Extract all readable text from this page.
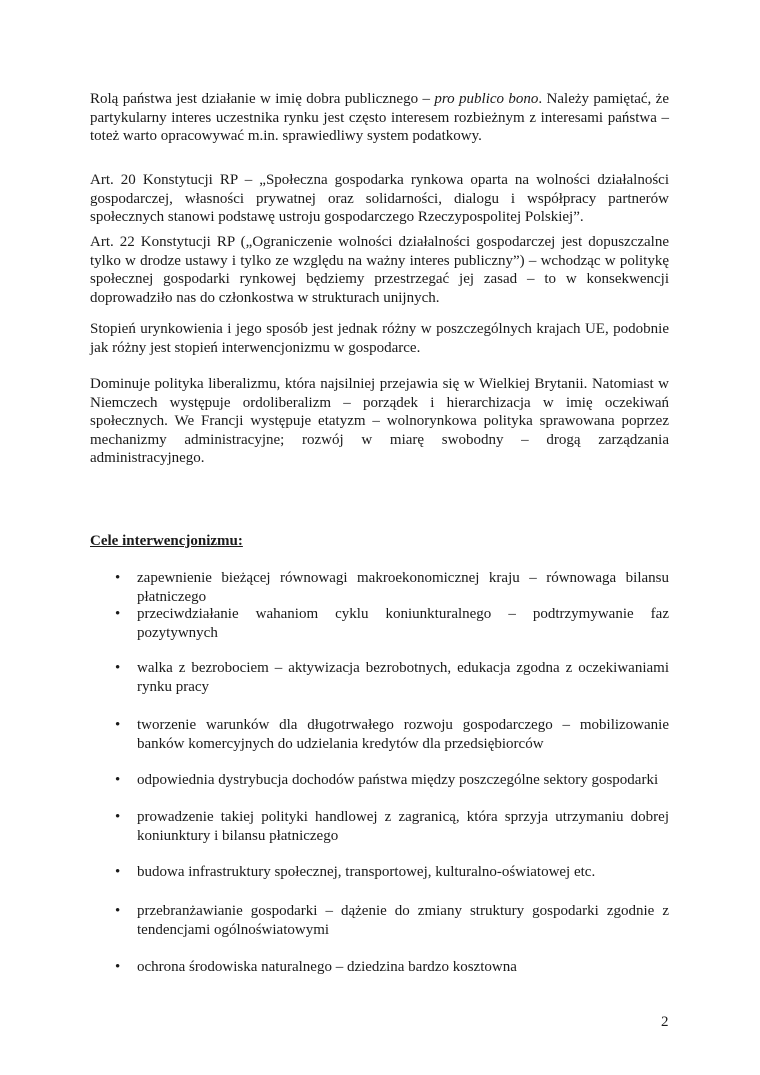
Rolą państwa jest działanie w imię dobra publicznego – pro publico bono. Należy pamiętać, że partykularny interes uczestnika rynku jest często interesem rozbieżnym z interesami państwa – toteż warto opracowywać m.in. sprawiedliwy system podatkowy.

Art. 20 Konstytucji RP – „Społeczna gospodarka rynkowa oparta na wolności działalności gospodarczej, własności prywatnej oraz solidarności, dialogu i współpracy partnerów społecznych stanowi podstawę ustroju gospodarczego Rzeczypospolitej Polskiej”.

Art. 22 Konstytucji RP („Ograniczenie wolności działalności gospodarczej jest dopuszczalne tylko w drodze ustawy i tylko ze względu na ważny interes publiczny”) – wchodząc w politykę społecznej gospodarki rynkowej będziemy przestrzegać jej zasad – to w konsekwencji doprowadziło nas do członkostwa w strukturach unijnych.

Stopień urynkowienia i jego sposób jest jednak różny w poszczególnych krajach UE, podobnie jak różny jest stopień interwencjonizmu w gospodarce.

Dominuje polityka liberalizmu, która najsilniej przejawia się w Wielkiej Brytanii. Natomiast w Niemczech występuje ordoliberalizm – porządek i hierarchizacja w imię oczekiwań społecznych. We Francji występuje etatyzm – wolnorynkowa polityka sprawowana poprzez mechanizmy administracyjne; rozwój w miarę swobodny – drogą zarządzania administracyjnego.

Cele interwencjonizmu:
• zapewnienie bieżącej równowagi makroekonomicznej kraju – równowaga bilansu płatniczego
• przeciwdziałanie wahaniom cyklu koniunkturalnego – podtrzymywanie faz pozytywnych
• walka z bezrobociem – aktywizacja bezrobotnych, edukacja zgodna z oczekiwaniami rynku pracy
• tworzenie warunków dla długotrwałego rozwoju gospodarczego – mobilizowanie banków komercyjnych do udzielania kredytów dla przedsiębiorców
• odpowiednia dystrybucja dochodów państwa między poszczególne sektory gospodarki
• prowadzenie takiej polityki handlowej z zagranicą, która sprzyja utrzymaniu dobrej koniunktury i bilansu płatniczego
• budowa infrastruktury społecznej, transportowej, kulturalno-oświatowej etc.
• przebranżawianie gospodarki – dążenie do zmiany struktury gospodarki zgodnie z tendencjami ogólnoświatowymi
• ochrona środowiska naturalnego – dziedzina bardzo kosztowna
2
